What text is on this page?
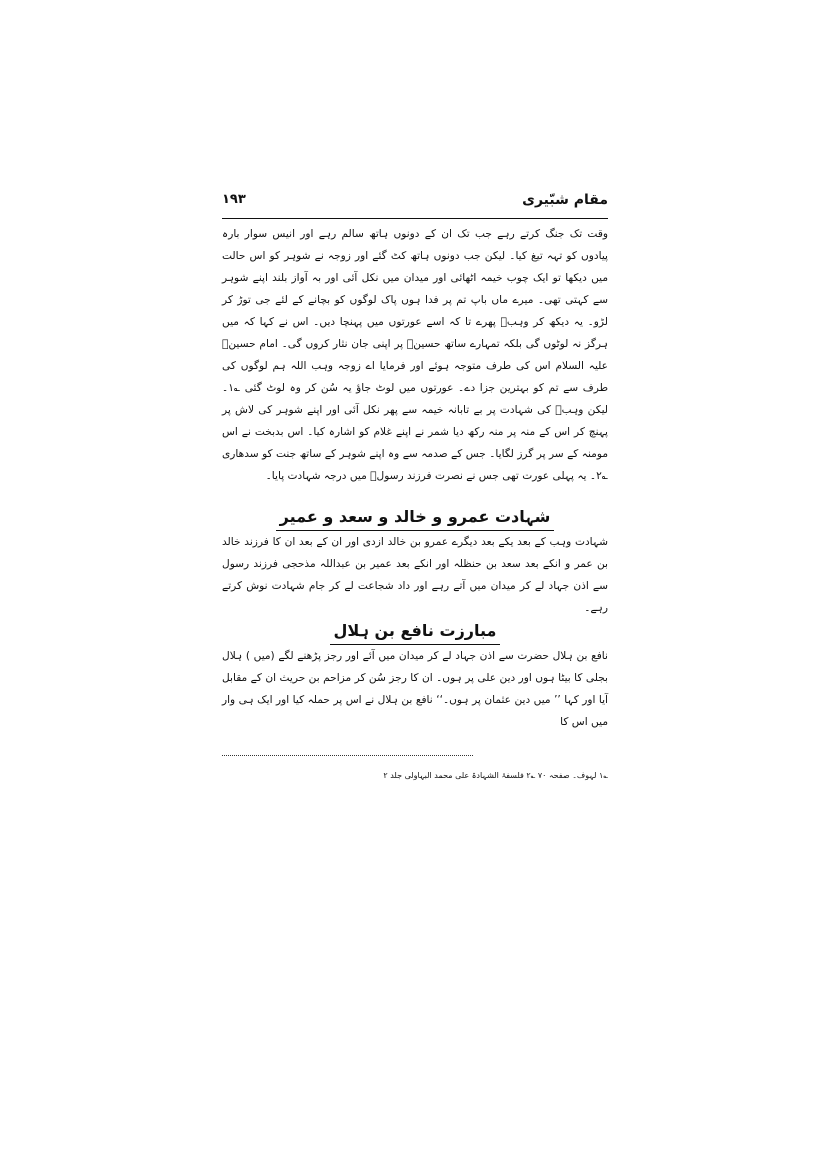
مقام شبّیری
۱۹۳

وقت تک جنگ کرتے رہے جب تک ان کے دونوں ہاتھ سالم رہے اور انیس سوار بارہ پیادوں کو تہہ تیغ کیا۔ لیکن جب دونوں ہاتھ کٹ گئے اور زوجہ نے شوہر کو اس حالت میں دیکھا تو ایک چوب خیمہ اٹھائی اور میدان میں نکل آئی اور بہ آواز بلند اپنے شوہر سے کہتی تھی۔ میرے ماں باپ تم پر فدا ہوں پاک لوگوں کو بچانے کے لئے جی توڑ کر لڑو۔ یہ دیکھ کر وہبؓ پھرے تا کہ اسے عورتوں میں پہنچا دیں۔ اس نے کہا کہ میں ہرگز نہ لوٹوں گی بلکہ تمہارے ساتھ حسینؑ پر اپنی جان نثار کروں گی۔ امام حسینؑ علیہ السلام اس کی طرف متوجہ ہوئے اور فرمایا اے زوجہ وہب اللہ ہم لوگوں کی طرف سے تم کو بہترین جزا دے۔ عورتوں میں لوٹ جاؤ یہ سُن کر وہ لوٹ گئی ؎۱۔ لیکن وہبؓ کی شہادت پر بے تابانہ خیمہ سے پھر نکل آئی اور اپنے شوہر کی لاش پر پہنچ کر اس کے منہ پر منہ رکھ دیا شمر نے اپنے غلام کو اشارہ کیا۔ اس بدبخت نے اس مومنہ کے سر پر گرز لگایا۔ جس کے صدمہ سے وہ اپنے شوہر کے ساتھ جنت کو سدھاری ؎۲۔ یہ پہلی عورت تھی جس نے نصرت فرزند رسولؐ میں درجہ شہادت پایا۔

شہادت عمرو و خالد و سعد و عمیر

شہادت وہب کے بعد یکے بعد دیگرے عمرو بن خالد ازدی اور ان کے بعد ان کا فرزند خالد بن عمر و انکے بعد سعد بن حنظلہ اور انکے بعد عمیر بن عبداللہ مذحجی فرزند رسول سے اذن جہاد لے کر میدان میں آتے رہے اور داد شجاعت لے کر جام شہادت نوش کرتے رہے۔

مبارزت نافع بن ہلال

نافع بن ہلال حضرت سے اذن جہاد لے کر میدان میں آئے اور رجز پڑھنے لگے (میں ) ہلال بجلی کا بیٹا ہوں اور دین علی پر ہوں۔ ان کا رجز سُن کر مزاحم بن حریث ان کے مقابل آیا اور کہا ’’ میں دین عثمان پر ہوں۔‘‘ نافع بن ہلال نے اس پر حملہ کیا اور ایک ہی وار میں اس کا

؎۱ لہوف۔ صفحہ ۷۰ ؎۲ فلسفۂ الشہادۃ علی محمد البہاولی جلد ۲
